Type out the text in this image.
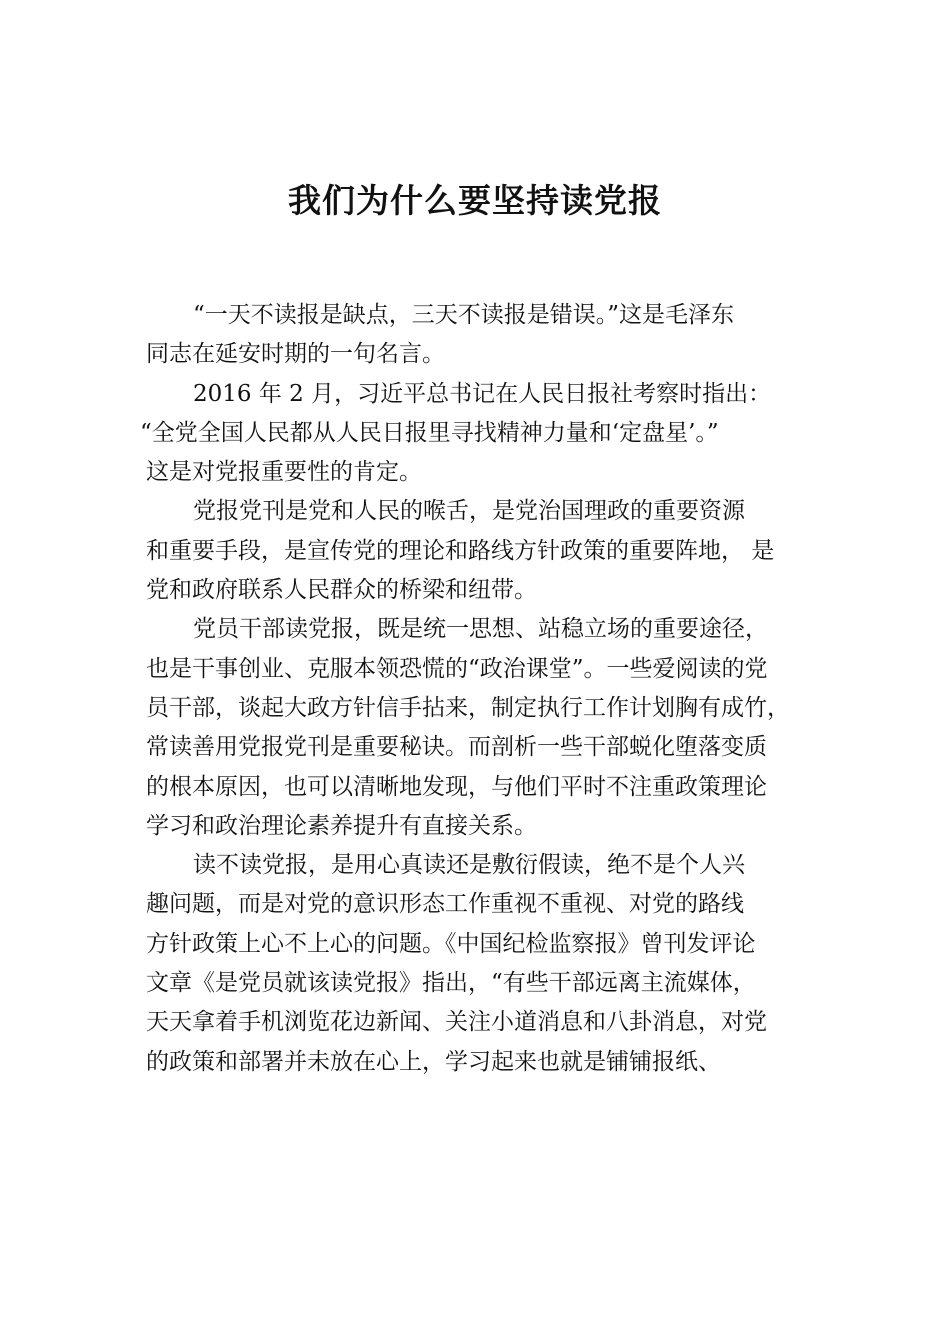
我们为什么要坚持读党报
“一天不读报是缺点，三天不读报是错误。”这是毛泽东
同志在延安时期的一句名言。
2016 年 2 月，习近平总书记在人民日报社考察时指出：
“全党全国人民都从人民日报里寻找精神力量和‘定盘星’。”
这是对党报重要性的肯定。
党报党刊是党和人民的喉舌，是党治国理政的重要资源
和重要手段，是宣传党的理论和路线方针政策的重要阵地， 是
党和政府联系人民群众的桥梁和纽带。
党员干部读党报，既是统一思想、站稳立场的重要途径，
也是干事创业、克服本领恐慌的“政治课堂”。一些爱阅读的党
员干部，谈起大政方针信手拈来，制定执行工作计划胸有成竹，
常读善用党报党刊是重要秘诀。而剖析一些干部蜕化堕落变质
的根本原因，也可以清晰地发现，与他们平时不注重政策理论
学习和政治理论素养提升有直接关系。
读不读党报，是用心真读还是敷衍假读，绝不是个人兴
趣问题，而是对党的意识形态工作重视不重视、对党的路线
方针政策上心不上心的问题。《中国纪检监察报》曾刊发评论
文章《是党员就该读党报》指出，“有些干部远离主流媒体，
天天拿着手机浏览花边新闻、关注小道消息和八卦消息，对党
的政策和部署并未放在心上，学习起来也就是铺铺报纸、
